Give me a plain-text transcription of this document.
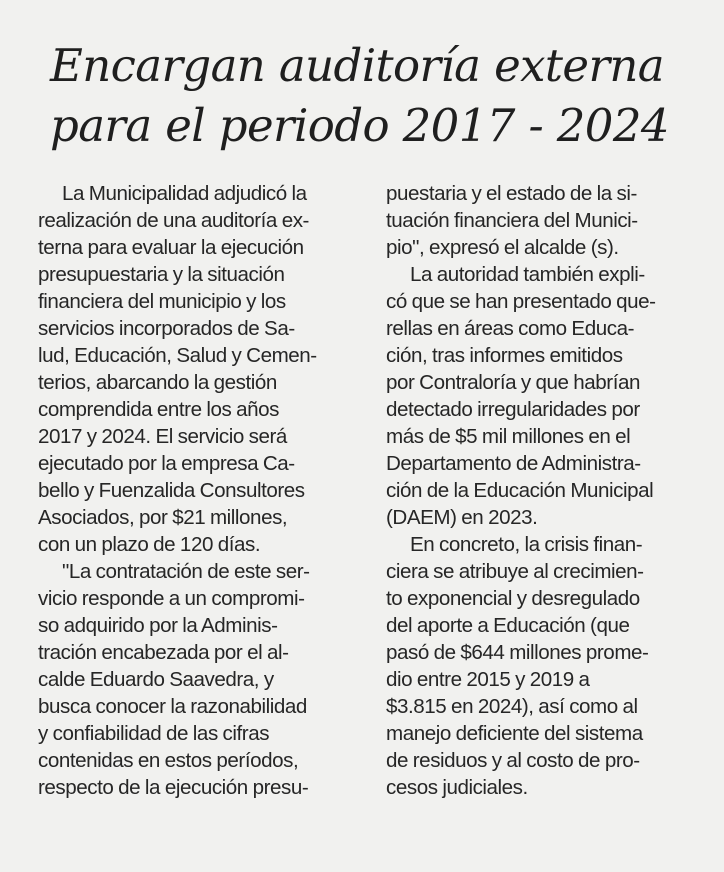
Encargan auditoría externa
para el periodo 2017 - 2024
La Municipalidad adjudicó la
realización de una auditoría ex-
terna para evaluar la ejecución
presupuestaria y la situación
financiera del municipio y los
servicios incorporados de Sa-
lud, Educación, Salud y Cemen-
terios, abarcando la gestión
comprendida entre los años
2017 y 2024. El servicio será
ejecutado por la empresa Ca-
bello y Fuenzalida Consultores
Asociados, por $21 millones,
con un plazo de 120 días.
"La contratación de este ser-
vicio responde a un compromi-
so adquirido por la Adminis-
tración encabezada por el al-
calde Eduardo Saavedra, y
busca conocer la razonabilidad
y confiabilidad de las cifras
contenidas en estos períodos,
respecto de la ejecución presu-
puestaria y el estado de la si-
tuación financiera del Munici-
pio", expresó el alcalde (s).
La autoridad también expli-
có que se han presentado que-
rellas en áreas como Educa-
ción, tras informes emitidos
por Contraloría y que habrían
detectado irregularidades por
más de $5 mil millones en el
Departamento de Administra-
ción de la Educación Municipal
(DAEM) en 2023.
En concreto, la crisis finan-
ciera se atribuye al crecimien-
to exponencial y desregulado
del aporte a Educación (que
pasó de $644 millones prome-
dio entre 2015 y 2019 a
$3.815 en 2024), así como al
manejo deficiente del sistema
de residuos y al costo de pro-
cesos judiciales.
